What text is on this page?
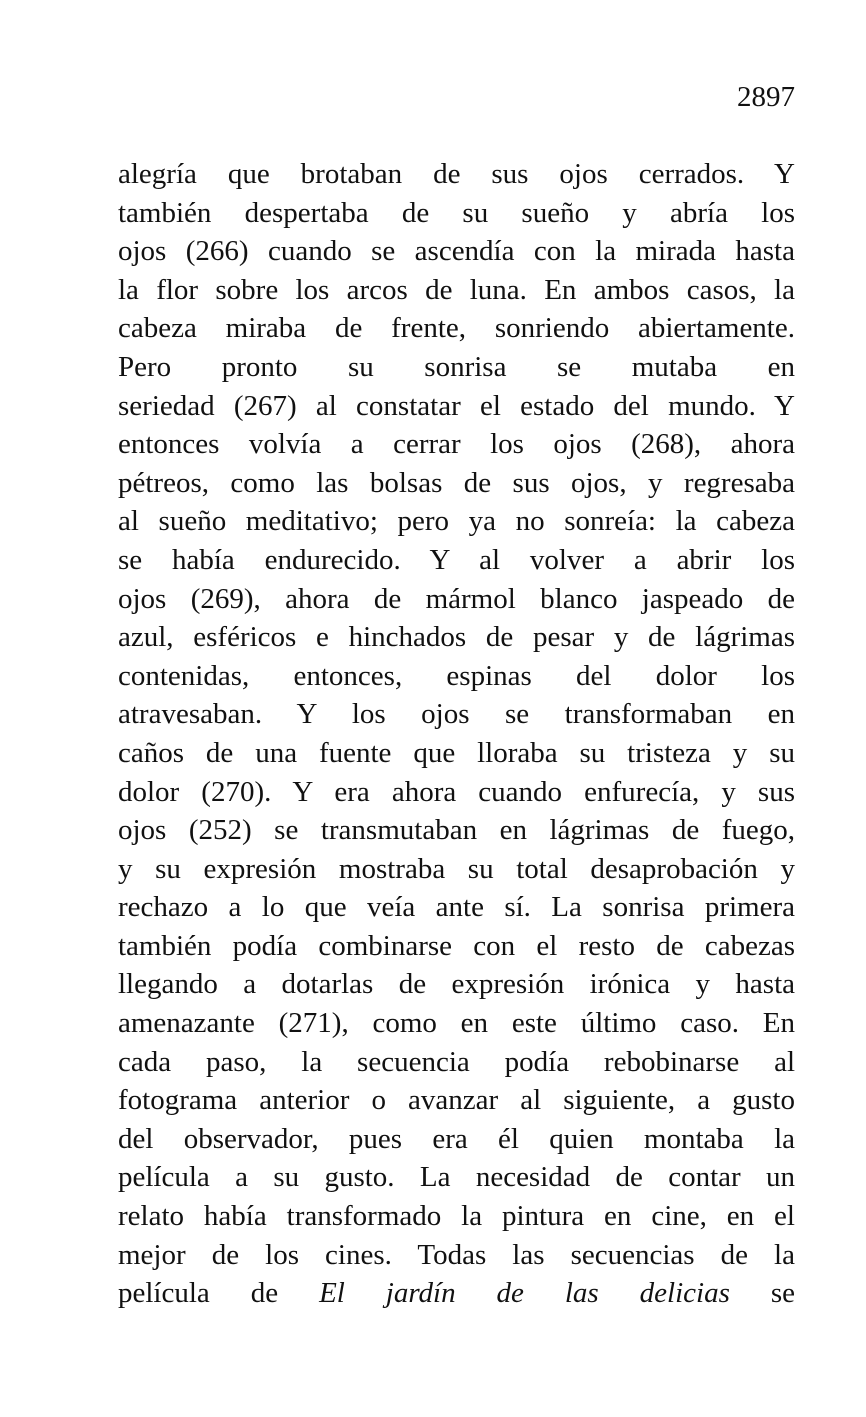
2897
alegría que brotaban de sus ojos cerrados. Y
también despertaba de su sueño y abría los
ojos (266) cuando se ascendía con la mirada hasta
la flor sobre los arcos de luna. En ambos casos, la
cabeza miraba de frente, sonriendo abiertamente.
Pero pronto su sonrisa se mutaba en
seriedad (267) al constatar el estado del mundo. Y
entonces volvía a cerrar los ojos (268), ahora
pétreos, como las bolsas de sus ojos, y regresaba
al sueño meditativo; pero ya no sonreía: la cabeza
se había endurecido. Y al volver a abrir los
ojos (269), ahora de mármol blanco jaspeado de
azul, esféricos e hinchados de pesar y de lágrimas
contenidas, entonces, espinas del dolor los
atravesaban. Y los ojos se transformaban en
caños de una fuente que lloraba su tristeza y su
dolor (270). Y era ahora cuando enfurecía, y sus
ojos (252) se transmutaban en lágrimas de fuego,
y su expresión mostraba su total desaprobación y
rechazo a lo que veía ante sí. La sonrisa primera
también podía combinarse con el resto de cabezas
llegando a dotarlas de expresión irónica y hasta
amenazante (271), como en este último caso. En
cada paso, la secuencia podía rebobinarse al
fotograma anterior o avanzar al siguiente, a gusto
del observador, pues era él quien montaba la
película a su gusto. La necesidad de contar un
relato había transformado la pintura en cine, en el
mejor de los cines. Todas las secuencias de la
película de El jardín de las delicias se
